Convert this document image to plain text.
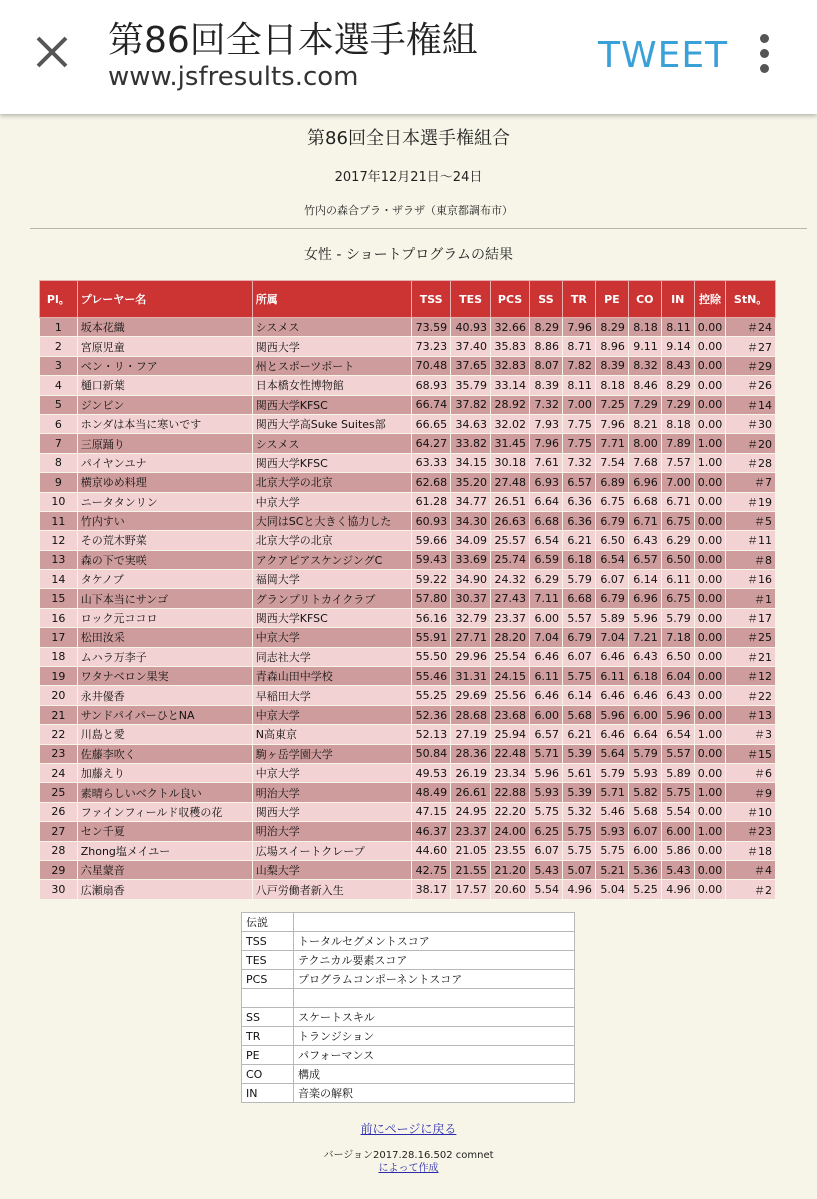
第86回全日本選手権組
www.jsfresults.com
TWEET
第86回全日本選手権組合
2017年12月21日～24日
竹内の森合プラ・ザラザ（東京都調布市）
女性 - ショートプログラムの結果
Pl。	プレーヤー名	所属	TSS	TES	PCS	SS	TR	PE	CO	IN	控除	StN。
1	坂本花織	シスメス	73.59	40.93	32.66	8.29	7.96	8.29	8.18	8.11	0.00	＃24
2	宮原児童	関西大学	73.23	37.40	35.83	8.86	8.71	8.96	9.11	9.14	0.00	＃27
3	ベン・リ・フア	州とスポーツポート	70.48	37.65	32.83	8.07	7.82	8.39	8.32	8.43	0.00	＃29
4	樋口新葉	日本橋女性博物館	68.93	35.79	33.14	8.39	8.11	8.18	8.46	8.29	0.00	＃26
5	ジンビン	関西大学KFSC	66.74	37.82	28.92	7.32	7.00	7.25	7.29	7.29	0.00	＃14
6	ホンダは本当に寒いです	関西大学高Suke Suites部	66.65	34.63	32.02	7.93	7.75	7.96	8.21	8.18	0.00	＃30
7	三原踊り	シスメス	64.27	33.82	31.45	7.96	7.75	7.71	8.00	7.89	1.00	＃20
8	パイヤンユナ	関西大学KFSC	63.33	34.15	30.18	7.61	7.32	7.54	7.68	7.57	1.00	＃28
9	横京ゆめ料理	北京大学の北京	62.68	35.20	27.48	6.93	6.57	6.89	6.96	7.00	0.00	＃7
10	ニータタンリン	中京大学	61.28	34.77	26.51	6.64	6.36	6.75	6.68	6.71	0.00	＃19
11	竹内すい	大同はSCと大きく協力した	60.93	34.30	26.63	6.68	6.36	6.79	6.71	6.75	0.00	＃5
12	その荒木野菜	北京大学の北京	59.66	34.09	25.57	6.54	6.21	6.50	6.43	6.29	0.00	＃11
13	森の下で実咲	アクアピアスケンジングC	59.43	33.69	25.74	6.59	6.18	6.54	6.57	6.50	0.00	＃8
14	タケノブ	福岡大学	59.22	34.90	24.32	6.29	5.79	6.07	6.14	6.11	0.00	＃16
15	山下本当にサンゴ	グランプリトカイクラブ	57.80	30.37	27.43	7.11	6.68	6.79	6.96	6.75	0.00	＃1
16	ロック元ココロ	関西大学KFSC	56.16	32.79	23.37	6.00	5.57	5.89	5.96	5.79	0.00	＃17
17	松田汝采	中京大学	55.91	27.71	28.20	7.04	6.79	7.04	7.21	7.18	0.00	＃25
18	ムハラ万李子	同志社大学	55.50	29.96	25.54	6.46	6.07	6.46	6.43	6.50	0.00	＃21
19	ワタナベロン果実	青森山田中学校	55.46	31.31	24.15	6.11	5.75	6.11	6.18	6.04	0.00	＃12
20	永井優香	早稲田大学	55.25	29.69	25.56	6.46	6.14	6.46	6.46	6.43	0.00	＃22
21	サンドパイパーひとNA	中京大学	52.36	28.68	23.68	6.00	5.68	5.96	6.00	5.96	0.00	＃13
22	川島と愛	N高東京	52.13	27.19	25.94	6.57	6.21	6.46	6.64	6.54	1.00	＃3
23	佐藤李吹く	駒ヶ岳学園大学	50.84	28.36	22.48	5.71	5.39	5.64	5.79	5.57	0.00	＃15
24	加藤えり	中京大学	49.53	26.19	23.34	5.96	5.61	5.79	5.93	5.89	0.00	＃6
25	素晴らしいベクトル良い	明治大学	48.49	26.61	22.88	5.93	5.39	5.71	5.82	5.75	1.00	＃9
26	ファインフィールド収穫の花	関西大学	47.15	24.95	22.20	5.75	5.32	5.46	5.68	5.54	0.00	＃10
27	セン千夏	明治大学	46.37	23.37	24.00	6.25	5.75	5.93	6.07	6.00	1.00	＃23
28	Zhong塩メイユー	広場スイートクレープ	44.60	21.05	23.55	6.07	5.75	5.75	6.00	5.86	0.00	＃18
29	六星蒙音	山梨大学	42.75	21.55	21.20	5.43	5.07	5.21	5.36	5.43	0.00	＃4
30	広瀬扇香	八戸労働者新入生	38.17	17.57	20.60	5.54	4.96	5.04	5.25	4.96	0.00	＃2
伝説	
TSS	トータルセグメントスコア
TES	テクニカル要素スコア
PCS	プログラムコンポーネントスコア

SS	スケートスキル
TR	トランジション
PE	パフォーマンス
CO	構成
IN	音楽の解釈
前にページに戻る
バージョン2017.28.16.502 comnet
によって作成
